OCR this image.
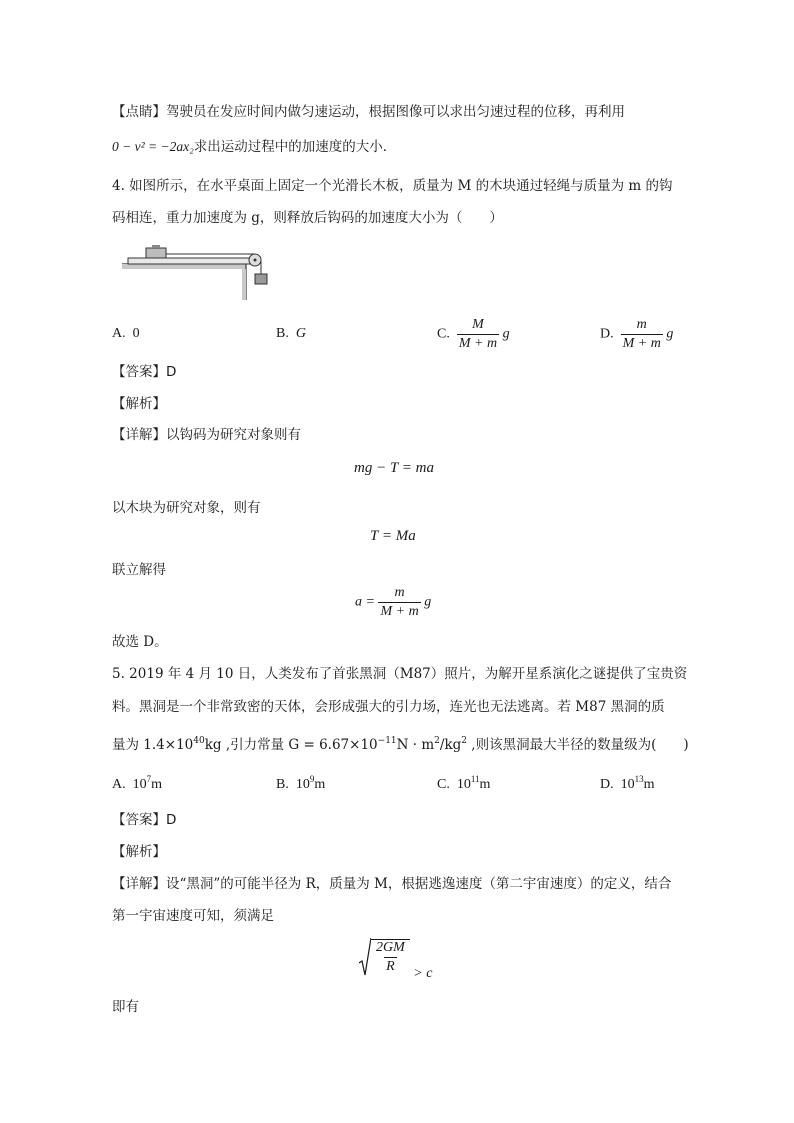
【点睛】驾驶员在发应时间内做匀速运动，根据图像可以求出匀速过程的位移，再利用
0 − v² = −2ax₂求出运动过程中的加速度的大小．
4. 如图所示，在水平桌面上固定一个光滑长木板，质量为 M 的木块通过轻绳与质量为 m 的钩
码相连，重力加速度为 g，则释放后钩码的加速度大小为（　　）
A. 0	B. G	C. $\frac{M}{M + m}$ g	D. $\frac{m}{M + m}$ g
【答案】D
【解析】
【详解】以钩码为研究对象则有
mg − T = ma
以木块为研究对象，则有
T = Ma
联立解得
$a = \frac{m}{M + m}$ g
故选 D。
5. 2019 年 4 月 10 日，人类发布了首张黑洞（M87）照片，为解开星系演化之谜提供了宝贵资
料。黑洞是一个非常致密的天体，会形成强大的引力场，连光也无法逃离。若 M87 黑洞的质
量为 $1.4\times 10^{40}kg$ ,引力常量 $G = 6.67\times 10^{-11}N \cdot m^2/kg^2$ ,则该黑洞最大半径的数量级为(　　)
A. $10^7m$	B. $10^9m$	C. $10^{11}m$	D. $10^{13}m$
【答案】D
【解析】
【详解】设“黑洞”的可能半径为 R，质量为 M，根据逃逸速度（第二宇宙速度）的定义，结合
第一宇宙速度可知，须满足
$\frac{2GM}{R} > c$
即有
